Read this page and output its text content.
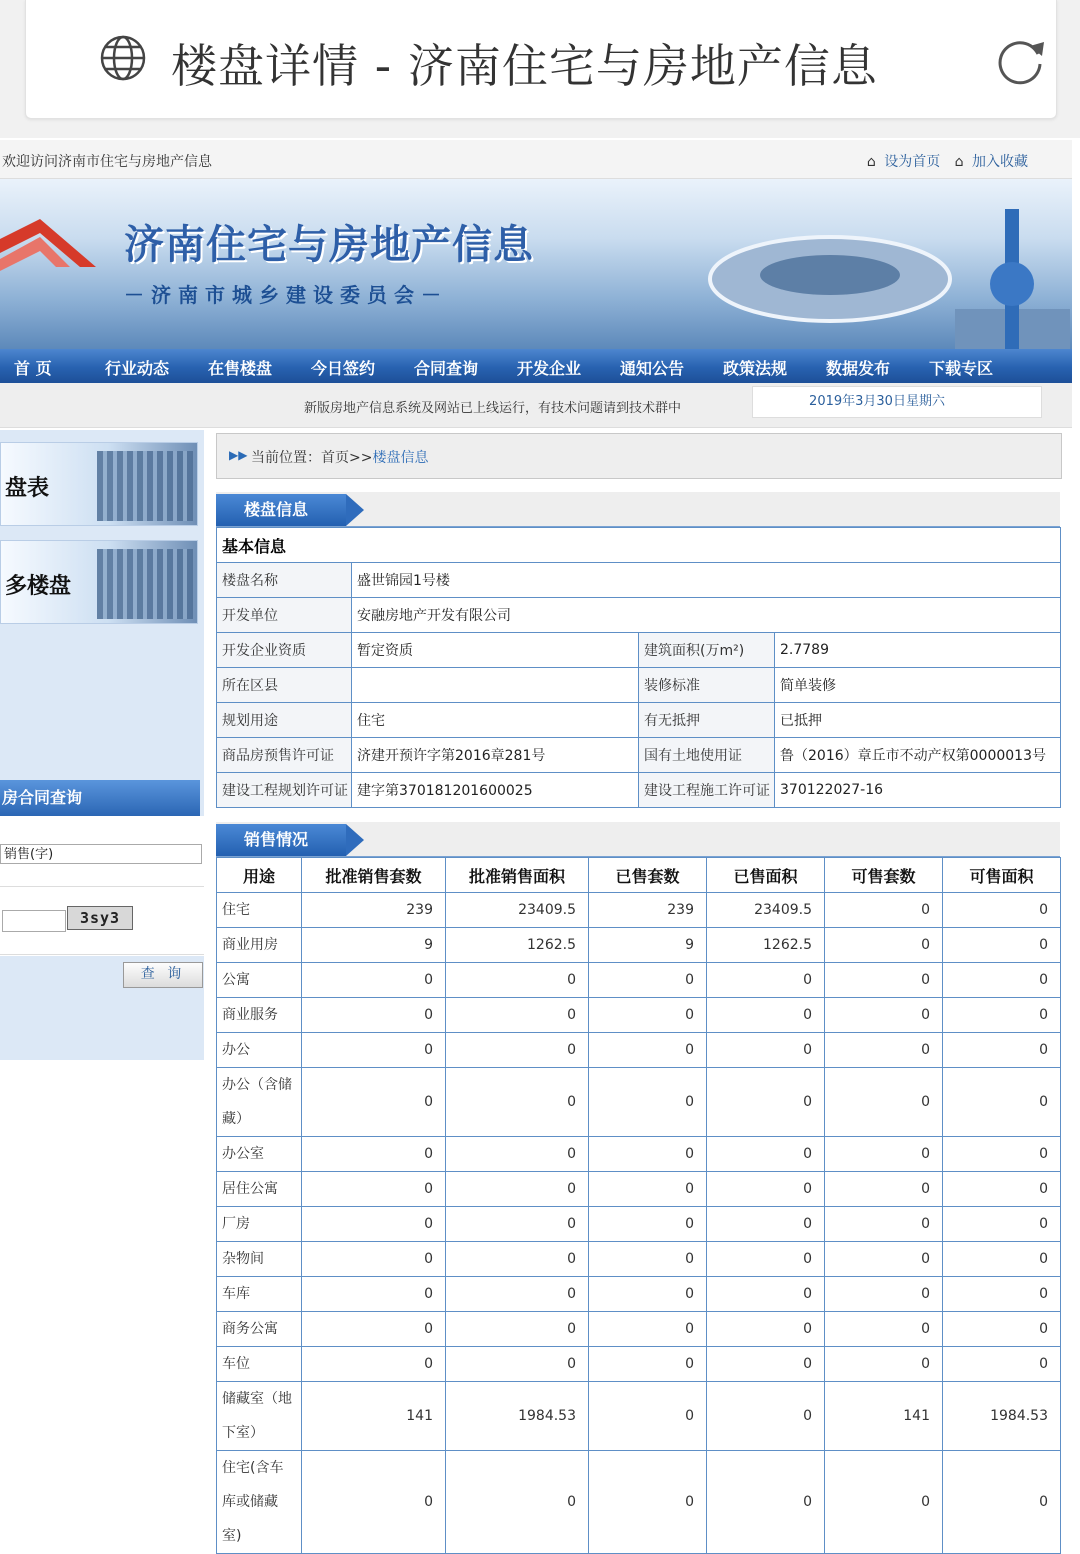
楼盘详情 - 济南住宅与房地产信息
欢迎访问济南市住宅与房地产信息	⌂ 设为首页 ⌂ 加入收藏
济南住宅与房地产信息
－济南市城乡建设委员会－
首 页	行业动态 在售楼盘 今日签约 合同查询 开发企业 通知公告 政策法规 数据发布 下载专区
新版房地产信息系统及网站已上线运行，有技术问题请到技术群中	2019年3月30日星期六
盘表
多楼盘
房合同查询
销售(字)
3sy3
查 询
▶▶ 当前位置：首页>>楼盘信息
楼盘信息
基本信息			
楼盘名称	盛世锦园1号楼		
开发单位	安融房地产开发有限公司		
开发企业资质	暂定资质	建筑面积(万m²)	2.7789
所在区县		装修标准	简单装修
规划用途	住宅	有无抵押	已抵押
商品房预售许可证	济建开预许字第2016章281号	国有土地使用证	鲁（2016）章丘市不动产权第0000013号
建设工程规划许可证	建字第370181201600025	建设工程施工许可证	370122027-16
销售情况
用途	批准销售套数	批准销售面积	已售套数	已售面积	可售套数	可售面积
住宅	239	23409.5	239	23409.5	0	0
商业用房	9	1262.5	9	1262.5	0	0
公寓	0	0	0	0	0	0
商业服务	0	0	0	0	0	0
办公	0	0	0	0	0	0
办公（含储藏）	0	0	0	0	0	0
办公室	0	0	0	0	0	0
居住公寓	0	0	0	0	0	0
厂房	0	0	0	0	0	0
杂物间	0	0	0	0	0	0
车库	0	0	0	0	0	0
商务公寓	0	0	0	0	0	0
车位	0	0	0	0	0	0
储藏室（地下室）	141	1984.53	0	0	141	1984.53
住宅(含车库或储藏室)	0	0	0	0	0	0
